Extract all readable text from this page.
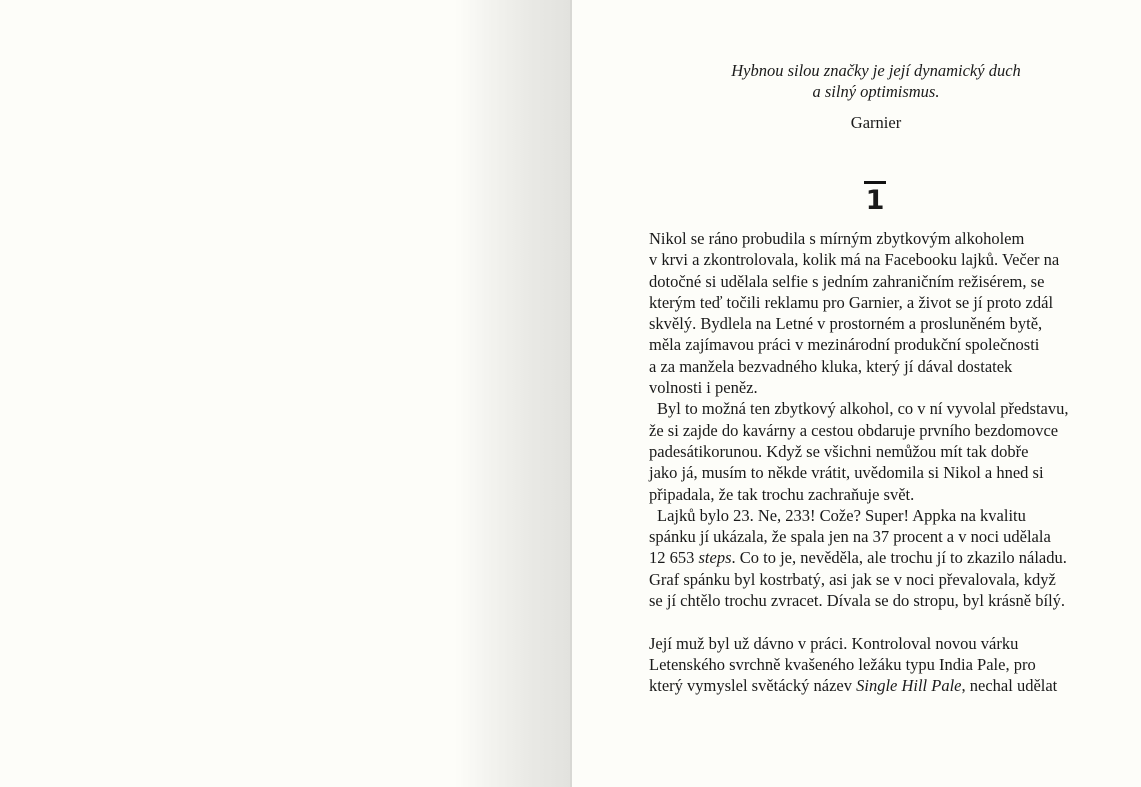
Hybnou silou značky je její dynamický duch
a silný optimismus.
Garnier
1
Nikol se ráno probudila s mírným zbytkovým alkoholem
v krvi a zkontrolovala, kolik má na Facebooku lajků. Večer na
dotočné si udělala selfie s jedním zahraničním režisérem, se
kterým teď točili reklamu pro Garnier, a život se jí proto zdál
skvělý. Bydlela na Letné v prostorném a prosluněném bytě,
měla zajímavou práci v mezinárodní produkční společnosti
a za manžela bezvadného kluka, který jí dával dostatek
volnosti i peněz.
Byl to možná ten zbytkový alkohol, co v ní vyvolal představu,
že si zajde do kavárny a cestou obdaruje prvního bezdomovce
padesátikorunou. Když se všichni nemůžou mít tak dobře
jako já, musím to někde vrátit, uvědomila si Nikol a hned si
připadala, že tak trochu zachraňuje svět.
Lajků bylo 23. Ne, 233! Cože? Super! Appka na kvalitu
spánku jí ukázala, že spala jen na 37 procent a v noci udělala
12 653 steps. Co to je, nevěděla, ale trochu jí to zkazilo náladu.
Graf spánku byl kostrbatý, asi jak se v noci převalovala, když
se jí chtělo trochu zvracet. Dívala se do stropu, byl krásně bílý.
Její muž byl už dávno v práci. Kontroloval novou várku
Letenského svrchně kvašeného ležáku typu India Pale, pro
který vymyslel světácký název Single Hill Pale, nechal udělat
